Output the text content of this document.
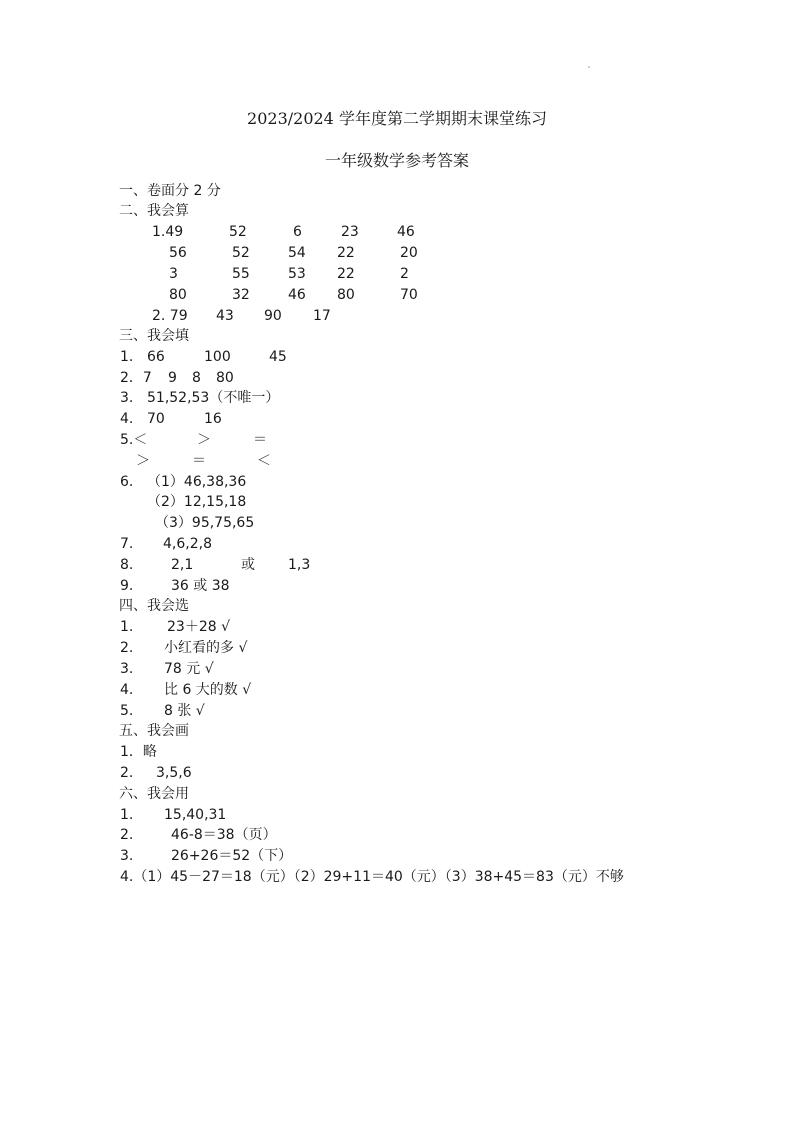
2023/2024 学年度第二学期期末课堂练习
一年级数学参考答案
一、卷面分 2 分
二、我会算
1.49	52	6	23	46
56	52	54 22	20
3	55	53 22	2
80	32	46 80	70
2. 79 43 90 17
三、我会填
1. 66	100	45
2．7 9 8 80
3. 51,52,53（不唯一）
4. 70	16
5.＜	＞	＝
＞	＝	＜
6. （1）46,38,36
（2）12,15,18
（3）95,75,65
7. 4,6,2,8
8.	2,1	或 1,3
9.	36 或 38
四、我会选
1. 23＋28 √
2. 小红看的多 √
3. 78 元 √
4. 比 6 大的数 √
5. 8 张 √
五、我会画
1．略
2. 3,5,6
六、我会用
1. 15,40,31
2.	46-8＝38（页）
3.	26+26＝52（下）
4.（1）45－27＝18（元）（2）29+11＝40（元）（3）38+45＝83（元）不够
